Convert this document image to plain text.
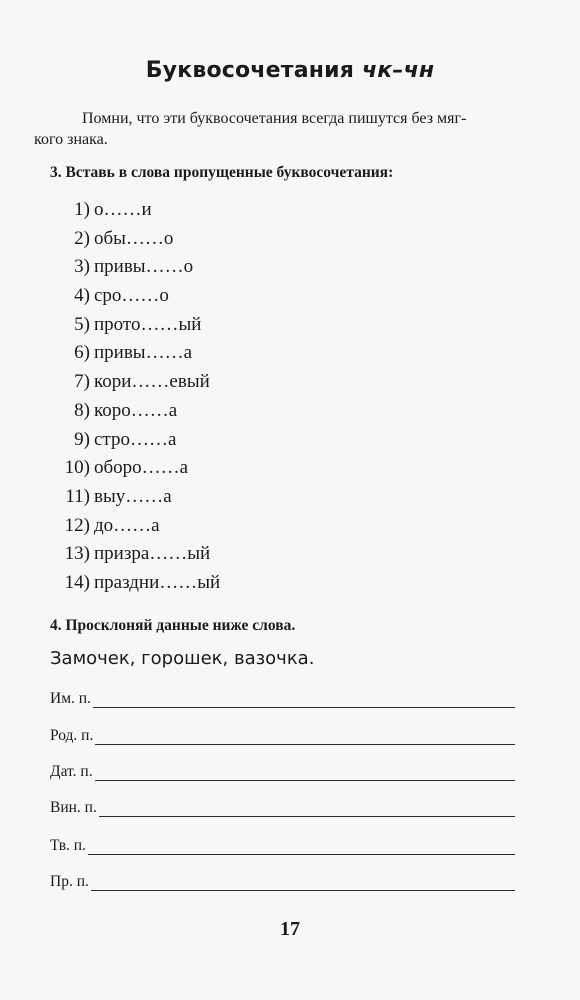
Буквосочетания чк–чн

Помни, что эти буквосочетания всегда пишутся без мяг-

кого знака.

3. Вставь в слова пропущенные буквосочетания:
1) о……и
2) обы……о
3) привы……о
4) сро……о
5) прото……ый
6) привы……а
7) кори……евый
8) коро……а
9) стро……а
10) оборо……а
11) выу……а
12) до……а
13) призра……ый
14) праздни……ый
4. Просклоняй данные ниже слова.
Замочек, горошек, вазочка.
Им. п.
Род. п.
Дат. п.
Вин. п.
Тв. п.
Пр. п.
17
